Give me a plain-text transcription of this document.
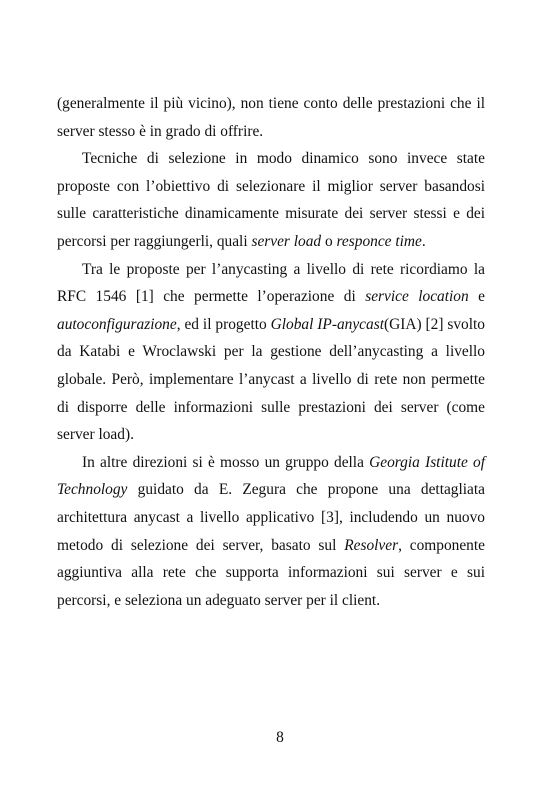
(generalmente il più vicino), non tiene conto delle prestazioni che il server stesso è in grado di offrire.

Tecniche di selezione in modo dinamico sono invece state proposte con l’obiettivo di selezionare il miglior server basandosi sulle caratteristiche dinamicamente misurate dei server stessi e dei percorsi per raggiungerli, quali server load o responce time.

Tra le proposte per l’anycasting a livello di rete ricordiamo la RFC 1546 [1] che permette l’operazione di service location e autoconfigurazione, ed il progetto Global IP-anycast(GIA) [2] svolto da Katabi e Wroclawski per la gestione dell’anycasting a livello globale. Però, implementare l’anycast a livello di rete non permette di disporre delle informazioni sulle prestazioni dei server (come server load).

In altre direzioni si è mosso un gruppo della Georgia Istitute of Technology guidato da E. Zegura che propone una dettagliata architettura anycast a livello applicativo [3], includendo un nuovo metodo di selezione dei server, basato sul Resolver, componente aggiuntiva alla rete che supporta informazioni sui server e sui percorsi, e seleziona un adeguato server per il client.

8
